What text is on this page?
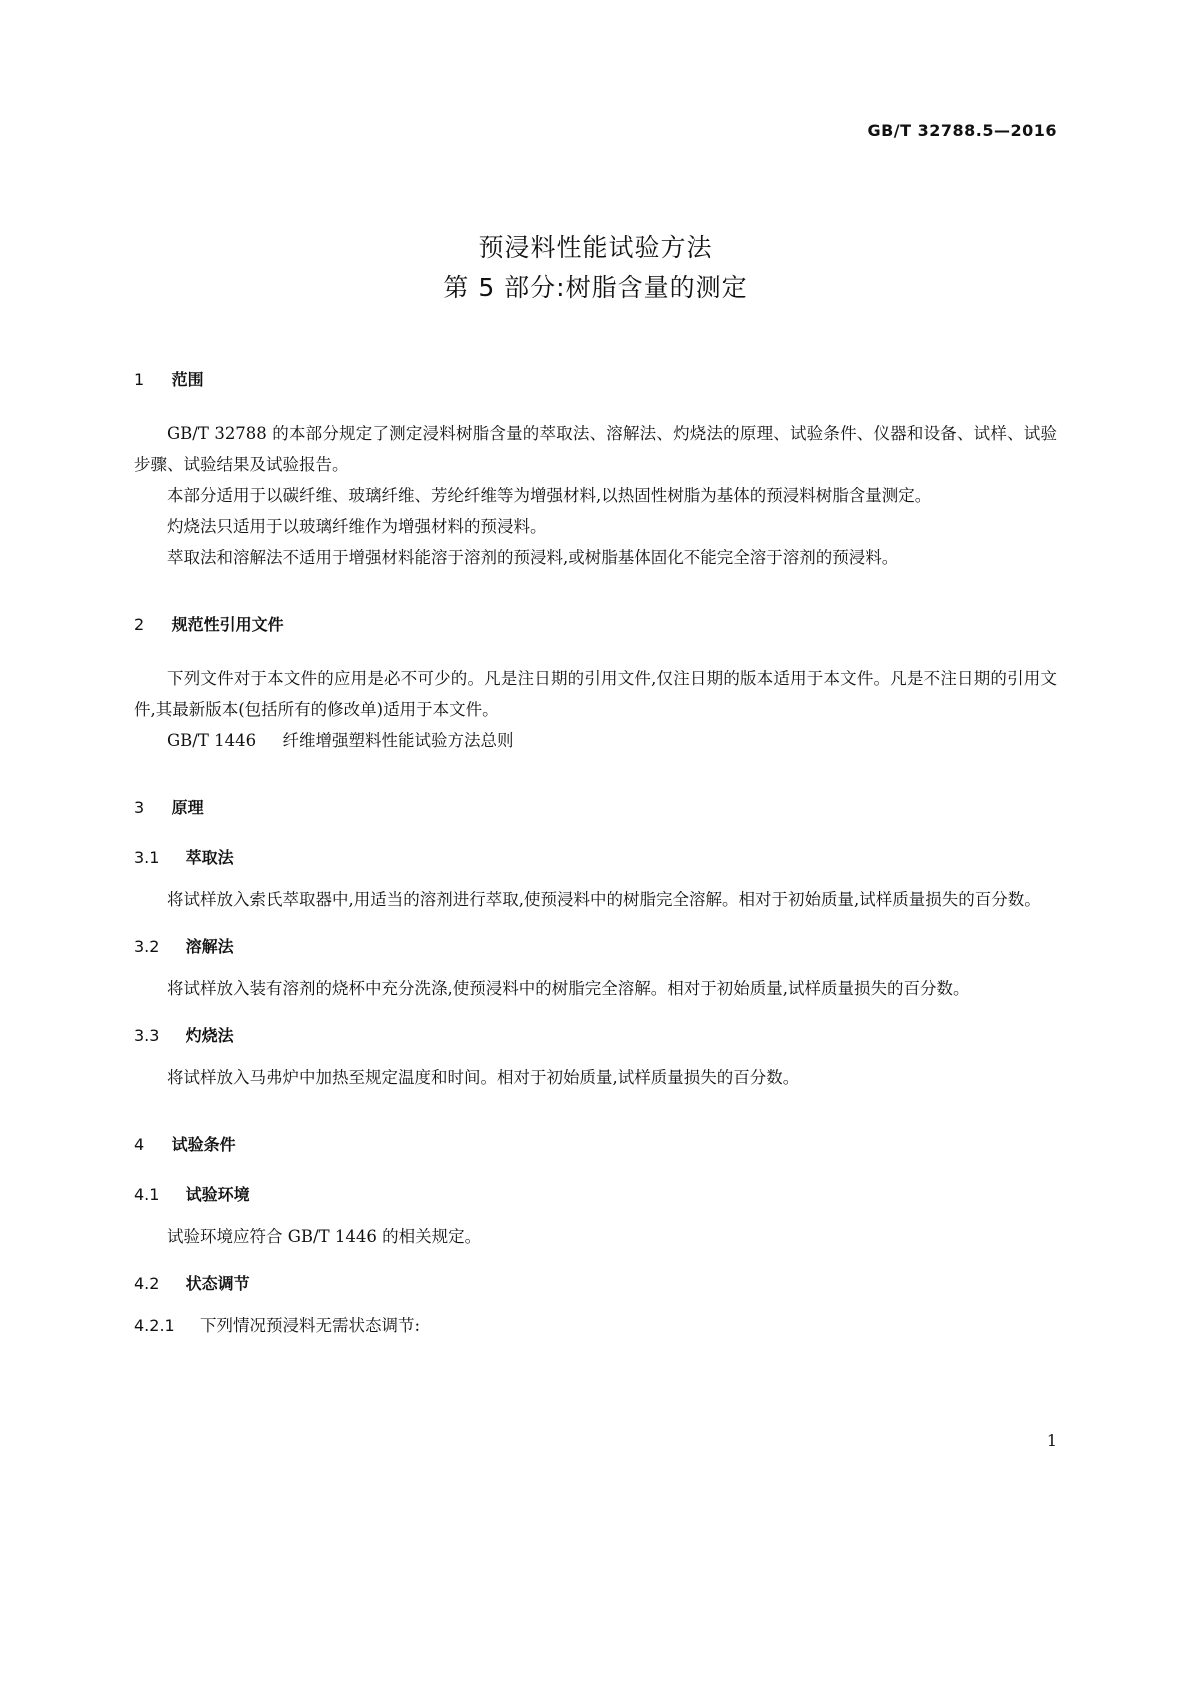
GB/T 32788.5—2016
预浸料性能试验方法
第 5 部分:树脂含量的测定
1 范围

GB/T 32788 的本部分规定了测定浸料树脂含量的萃取法、溶解法、灼烧法的原理、试验条件、仪器和设备、试样、试验步骤、试验结果及试验报告。

本部分适用于以碳纤维、玻璃纤维、芳纶纤维等为增强材料,以热固性树脂为基体的预浸料树脂含量测定。

灼烧法只适用于以玻璃纤维作为增强材料的预浸料。

萃取法和溶解法不适用于增强材料能溶于溶剂的预浸料,或树脂基体固化不能完全溶于溶剂的预浸料。

2 规范性引用文件

下列文件对于本文件的应用是必不可少的。凡是注日期的引用文件,仅注日期的版本适用于本文件。凡是不注日期的引用文件,其最新版本(包括所有的修改单)适用于本文件。

GB/T 1446 纤维增强塑料性能试验方法总则

3 原理
3.1 萃取法

将试样放入索氏萃取器中,用适当的溶剂进行萃取,使预浸料中的树脂完全溶解。相对于初始质量,试样质量损失的百分数。

3.2 溶解法

将试样放入装有溶剂的烧杯中充分洗涤,使预浸料中的树脂完全溶解。相对于初始质量,试样质量损失的百分数。

3.3 灼烧法

将试样放入马弗炉中加热至规定温度和时间。相对于初始质量,试样质量损失的百分数。

4 试验条件
4.1 试验环境

试验环境应符合 GB/T 1446 的相关规定。

4.2 状态调节

4.2.1 下列情况预浸料无需状态调节:

1
